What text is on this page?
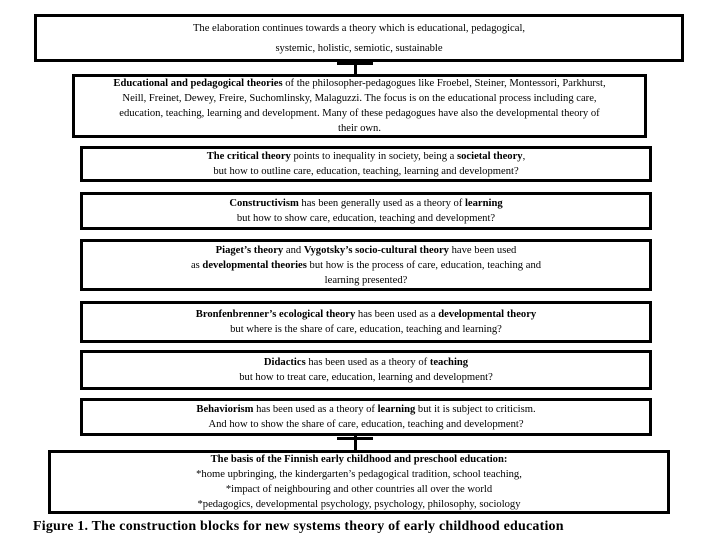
The elaboration continues towards a theory which is educational, pedagogical,
systemic, holistic, semiotic, sustainable
Educational and pedagogical theories of the philosopher-pedagogues like Froebel, Steiner, Montessori, Parkhurst,
Neill, Freinet, Dewey, Freire, Suchomlinsky, Malaguzzi. The focus is on the educational process including care,
education, teaching, learning and development. Many of these pedagogues have also the developmental theory of
their own.
The critical theory points to inequality in society, being a societal theory,
but how to outline care, education, teaching, learning and development?
Constructivism has been generally used as a theory of learning
but how to show care, education, teaching and development?
Piaget’s theory and Vygotsky’s socio-cultural theory have been used
as developmental theories but how is the process of care, education, teaching and
learning presented?
Bronfenbrenner’s ecological theory has been used as a developmental theory
but where is the share of care, education, teaching and learning?
Didactics has been used as a theory of teaching
but how to treat care, education, learning and development?
Behaviorism has been used as a theory of learning but it is subject to criticism.
And how to show the share of care, education, teaching and development?
The basis of the Finnish early childhood and preschool education:
*home upbringing, the kindergarten’s pedagogical tradition, school teaching,
*impact of neighbouring and other countries all over the world
*pedagogics, developmental psychology, psychology, philosophy, sociology
Figure 1. The construction blocks for new systems theory of early childhood education
